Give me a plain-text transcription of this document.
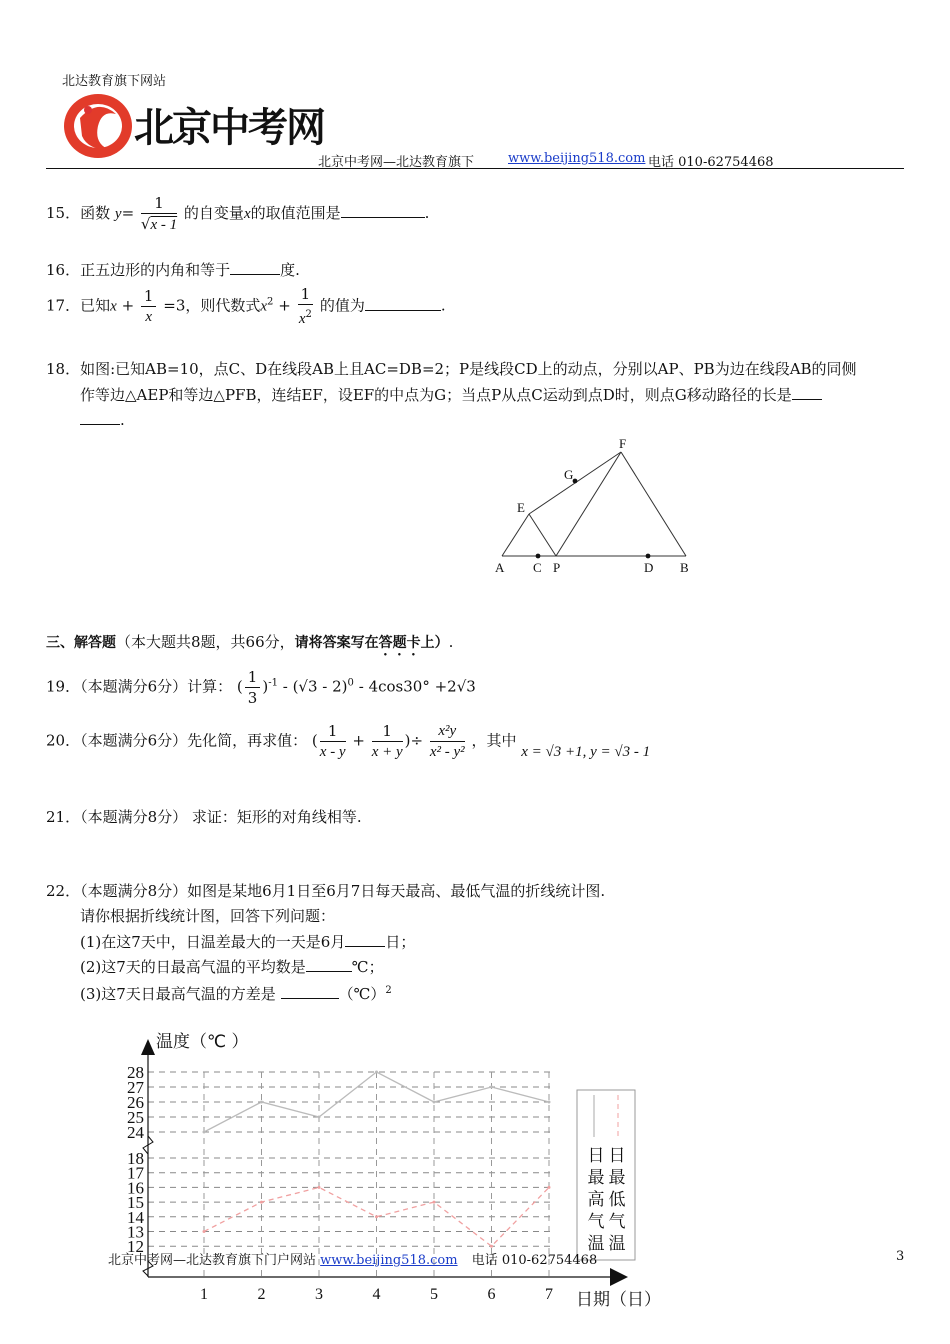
北达教育旗下网站
北京中考网
北京中考网—北达教育旗下	www.beijing518.com 电话 010-62754468
15．函数 $y= \frac{1}{√x - 1}$ 的自变量x的取值范围是	.
16．正五边形的内角和等于	度.
17．已知$x + \frac{1}{x} =3$，则代数式$x^2 + \frac{1}{x^2}$ 的值为	.
18．如图:已知AB=10，点C、D在线段AB上且AC=DB=2；P是线段CD上的动点，分别以AP、PB为边在线段AB的同侧
作等边△AEP和等边△PFB，连结EF，设EF的中点为G；当点P从点C运动到点D时，则点G移动路径的长是
.
F
G
E
A C P	D B
三、解答题（本大题共8题，共66分，请将答案写在答题卡上）.
19．（本题满分6分）计算： ( $\frac{1}{3} )^{-1} - (√3 - 2)^0 - 4\cos 30^\circ +2√3$
20．（本题满分6分）先化简，再求值： ( $\frac{1}{x - y} + \frac{1}{x + y}$ )÷ $\frac{\text{x²y}}{\text{x² - y²}}$ ，其中 x = √3 +1, y = √3 - 1
21．（本题满分8分） 求证：矩形的对角线相等.
22．（本题满分8分）如图是某地6月1日至6月7日每天最高、最低气温的折线统计图.
请你根据折线统计图，回答下列问题：
(1)在这7天中，日温差最大的一天是6月	日；
(2)这7天的日最高气温的平均数是	℃；
(3)这7天日最高气温的方差是	（℃）$^2$
12
13
14
15
16
17
18
24
25
26
27
28
1	2	3	4	5	6	7
日
最
高
气
温
日
最
低
气
温
温度（℃ ）
日期（日）
北京中考网—北达教育旗下门户网站 www.beijing518.com 电话 010-62754468	3
